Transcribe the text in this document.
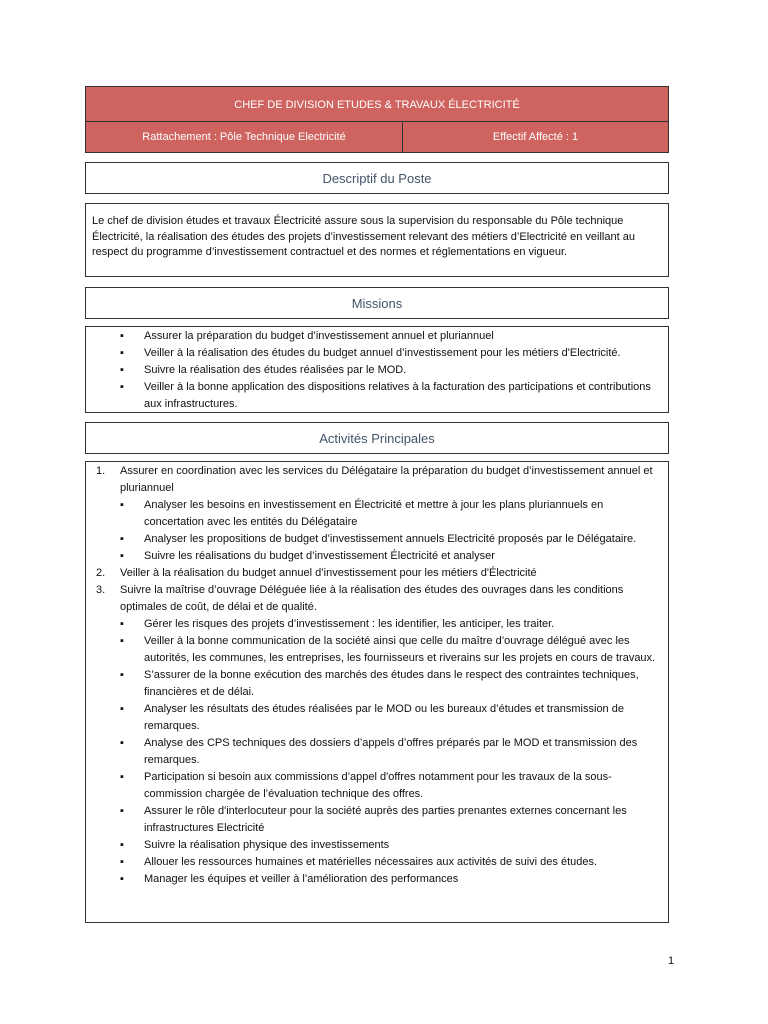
CHEF DE DIVISION ETUDES & TRAVAUX ÉLECTRICITÉ
Rattachement : Pôle Technique Electricité	Effectif Affecté : 1
Descriptif du Poste
Le chef de division études et travaux Électricité assure sous la supervision du responsable du Pôle technique Électricité, la réalisation des études des projets d’investissement relevant des métiers d’Electricité en veillant au respect du programme d’investissement contractuel et des normes et réglementations en vigueur.
Missions
▪ Assurer la préparation du budget d’investissement annuel et pluriannuel
▪ Veiller à la réalisation des études du budget annuel d’investissement pour les métiers d'Electricité.
▪ Suivre la réalisation des études réalisées par le MOD.
▪ Veiller à la bonne application des dispositions relatives à la facturation des participations et contributions aux infrastructures.
Activités Principales
1. Assurer en coordination avec les services du Délégataire la préparation du budget d’investissement annuel et pluriannuel
▪ Analyser les besoins en investissement en Électricité et mettre à jour les plans pluriannuels en concertation avec les entités du Délégataire
▪ Analyser les propositions de budget d’investissement annuels Electricité proposés par le Délégataire.
▪ Suivre les réalisations du budget d’investissement Électricité et analyser
2. Veiller à la réalisation du budget annuel d’investissement pour les métiers d'Électricité
3. Suivre la maîtrise d’ouvrage Déléguée liée à la réalisation des études des ouvrages dans les conditions optimales de coût, de délai et de qualité.
▪ Gérer les risques des projets d’investissement : les identifier, les anticiper, les traiter.
▪ Veiller à la bonne communication de la société ainsi que celle du maître d’ouvrage délégué avec les autorités, les communes, les entreprises, les fournisseurs et riverains sur les projets en cours de travaux.
▪ S’assurer de la bonne exécution des marchés des études dans le respect des contraintes techniques, financières et de délai.
▪ Analyser les résultats des études réalisées par le MOD ou les bureaux d’études et transmission de remarques.
▪ Analyse des CPS techniques des dossiers d’appels d’offres préparés par le MOD et transmission des remarques.
▪ Participation si besoin aux commissions d’appel d'offres notamment pour les travaux de la sous-commission chargée de l’évaluation technique des offres.
▪ Assurer le rôle d'interlocuteur pour la société auprès des parties prenantes externes concernant les infrastructures Electricité
▪ Suivre la réalisation physique des investissements
▪ Allouer les ressources humaines et matérielles nécessaires aux activités de suivi des études.
▪ Manager les équipes et veiller à l’amélioration des performances
1
